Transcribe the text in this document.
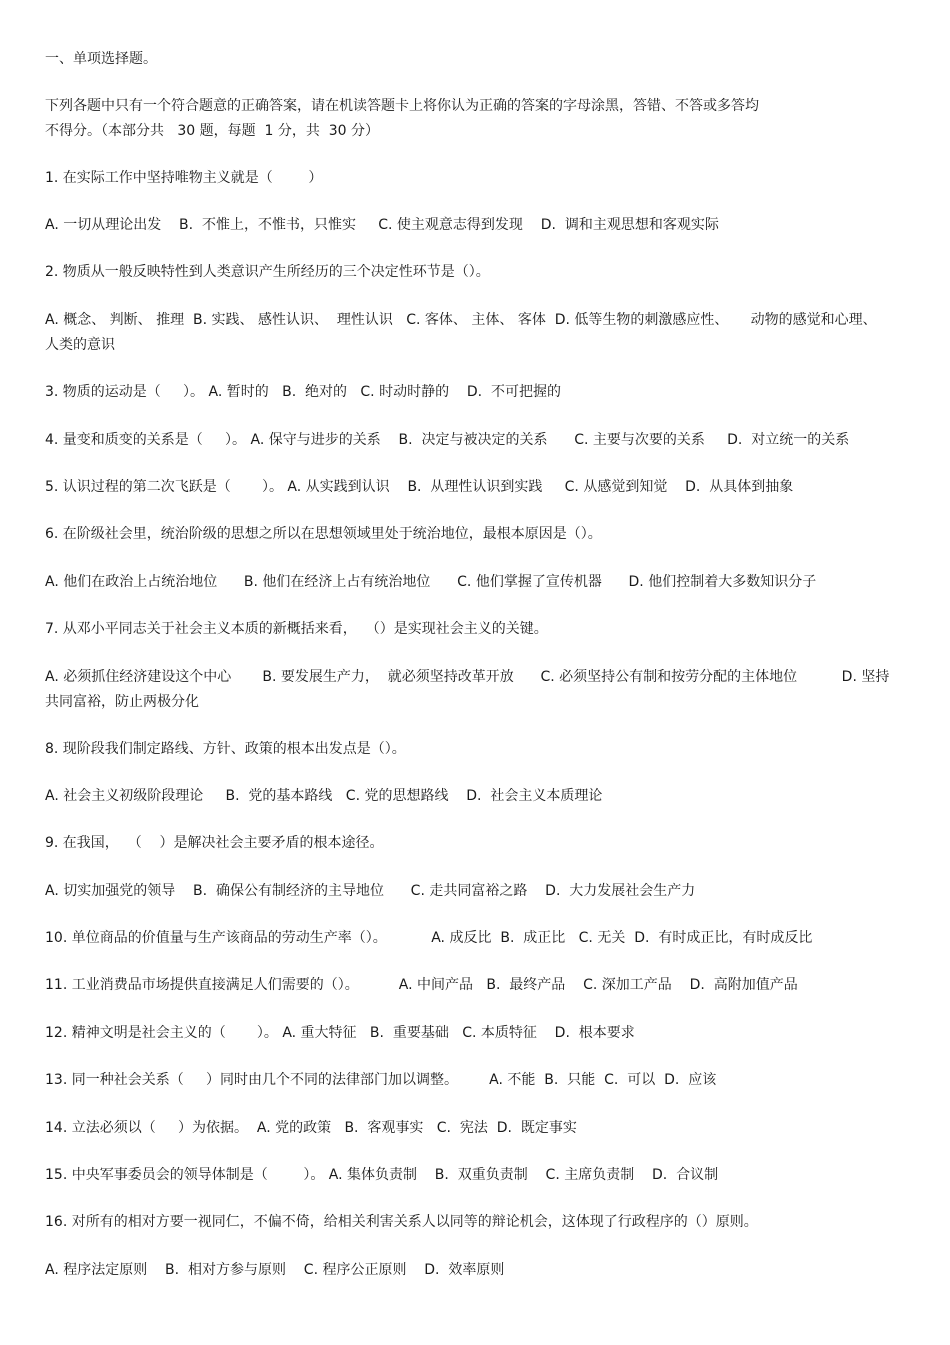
一、单项选择题。
下列各题中只有一个符合题意的正确答案，请在机读答题卡上将你认为正确的答案的字母涂黑，答错、不答或多答均
不得分。（本部分共   30 题，每题  1 分，共  30 分）
1. 在实际工作中坚持唯物主义就是（        ）
A. 一切从理论出发    B.  不惟上，不惟书，只惟实     C. 使主观意志得到发现    D.  调和主观思想和客观实际
2. 物质从一般反映特性到人类意识产生所经历的三个决定性环节是（）。
A. 概念、 判断、 推理  B. 实践、 感性认识、  理性认识   C. 客体、 主体、 客体  D. 低等生物的刺激感应性、     动物的感觉和心理、
人类的意识
3. 物质的运动是（     ）。 A. 暂时的   B.  绝对的   C. 时动时静的    D.  不可把握的
4. 量变和质变的关系是（     ）。 A. 保守与进步的关系    B.  决定与被决定的关系      C. 主要与次要的关系     D.  对立统一的关系
5. 认识过程的第二次飞跃是（       ）。 A. 从实践到认识    B.  从理性认识到实践     C. 从感觉到知觉    D.  从具体到抽象
6. 在阶级社会里，统治阶级的思想之所以在思想领域里处于统治地位，最根本原因是（）。
A. 他们在政治上占统治地位      B. 他们在经济上占有统治地位      C. 他们掌握了宣传机器      D. 他们控制着大多数知识分子
7. 从邓小平同志关于社会主义本质的新概括来看，  （）是实现社会主义的关键。
A. 必须抓住经济建设这个中心       B. 要发展生产力，  就必须坚持改革开放      C. 必须坚持公有制和按劳分配的主体地位          D. 坚持
共同富裕，防止两极分化
8. 现阶段我们制定路线、方针、政策的根本出发点是（）。
A. 社会主义初级阶段理论     B.  党的基本路线   C. 党的思想路线    D.  社会主义本质理论
9. 在我国，  （    ）是解决社会主要矛盾的根本途径。
A. 切实加强党的领导    B.  确保公有制经济的主导地位      C. 走共同富裕之路    D.  大力发展社会生产力
10. 单位商品的价值量与生产该商品的劳动生产率（）。          A. 成反比  B.  成正比   C. 无关  D.  有时成正比，有时成反比
11. 工业消费品市场提供直接满足人们需要的（）。         A. 中间产品   B.  最终产品    C. 深加工产品    D.  高附加值产品
12. 精神文明是社会主义的（       ）。 A. 重大特征   B.  重要基础   C. 本质特征    D.  根本要求
13. 同一种社会关系（     ）同时由几个不同的法律部门加以调整。       A. 不能  B.  只能  C.  可以  D.  应该
14. 立法必须以（     ）为依据。  A. 党的政策   B.  客观事实   C.  宪法  D.  既定事实
15. 中央军事委员会的领导体制是（        ）。 A. 集体负责制    B.  双重负责制    C. 主席负责制    D.  合议制
16. 对所有的相对方要一视同仁，不偏不倚，给相关利害关系人以同等的辩论机会，这体现了行政程序的（）原则。
A. 程序法定原则    B.  相对方参与原则    C. 程序公正原则    D.  效率原则
